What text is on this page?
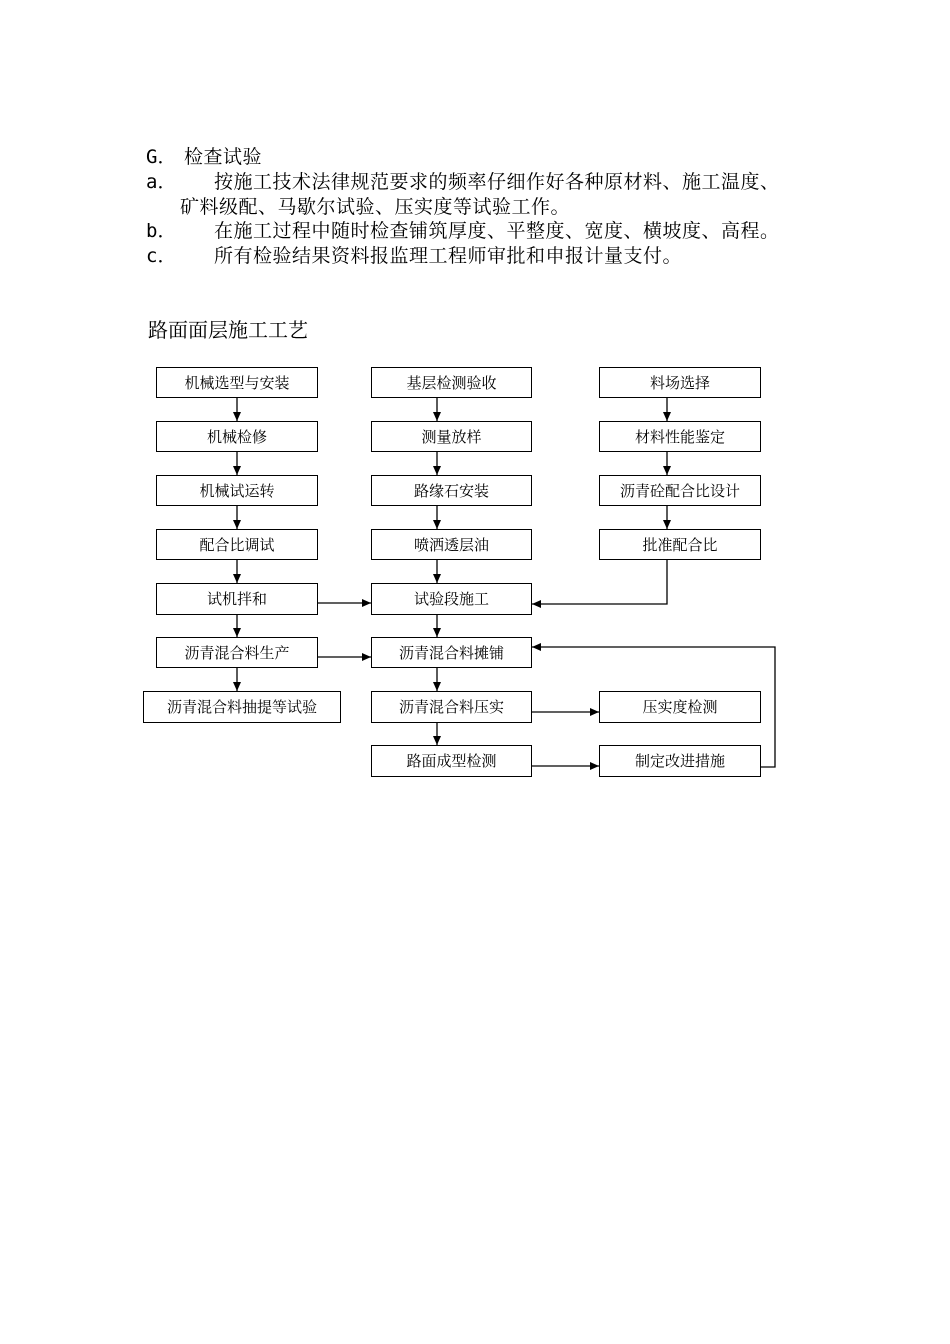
G． 检查试验
a． 按施工技术法律规范要求的频率仔细作好各种原材料、施工温度、
矿料级配、马歇尔试验、压实度等试验工作。
b． 在施工过程中随时检查铺筑厚度、平整度、宽度、横坡度、高程。
c． 所有检验结果资料报监理工程师审批和申报计量支付。
路面面层施工工艺
机械选型与安装
机械检修
机械试运转
配合比调试
试机拌和
沥青混合料生产
沥青混合料抽提等试验
基层检测验收
测量放样
路缘石安装
喷洒透层油
试验段施工
沥青混合料摊铺
沥青混合料压实
路面成型检测
料场选择
材料性能鉴定
沥青砼配合比设计
批准配合比
压实度检测
制定改进措施
